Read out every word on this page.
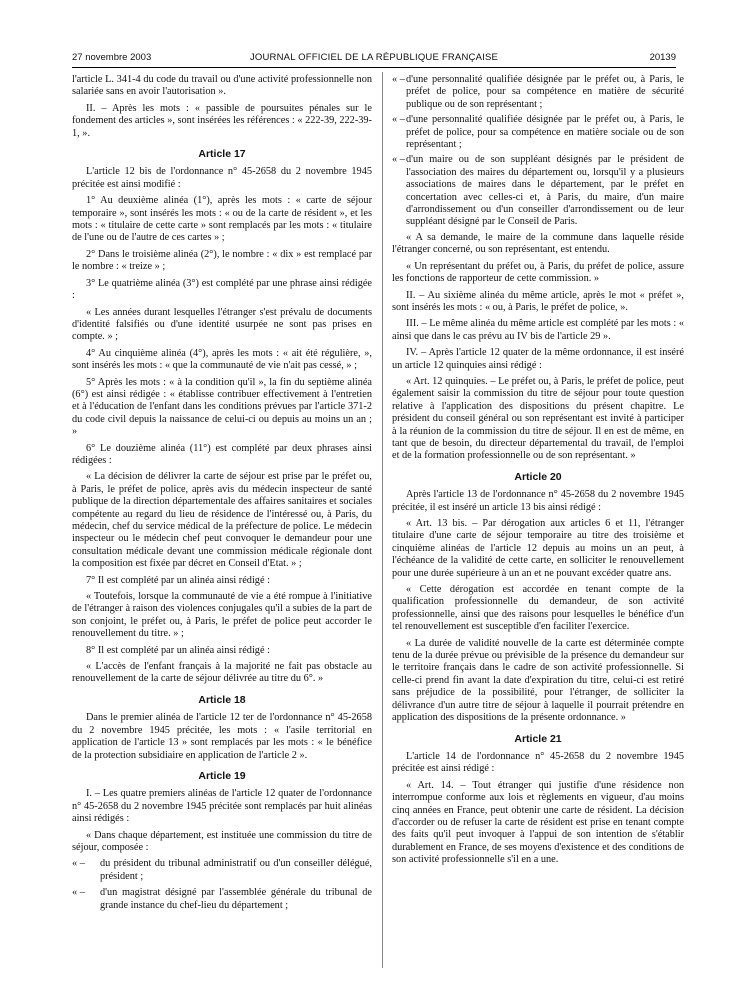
27 novembre 2003	JOURNAL OFFICIEL DE LA RÉPUBLIQUE FRANÇAISE	20139

l'article L. 341-4 du code du travail ou d'une activité professionnelle non salariée sans en avoir l'autorisation ».

II. – Après les mots : « passible de poursuites pénales sur le fondement des articles », sont insérées les références : « 222-39, 222-39-1, ».

Article 17

L'article 12 bis de l'ordonnance n° 45-2658 du 2 novembre 1945 précitée est ainsi modifié :

1° Au deuxième alinéa (1°), après les mots : « carte de séjour temporaire », sont insérés les mots : « ou de la carte de résident », et les mots : « titulaire de cette carte » sont remplacés par les mots : « titulaire de l'une ou de l'autre de ces cartes » ;

2° Dans le troisième alinéa (2°), le nombre : « dix » est remplacé par le nombre : « treize » ;

3° Le quatrième alinéa (3°) est complété par une phrase ainsi rédigée :

« Les années durant lesquelles l'étranger s'est prévalu de documents d'identité falsifiés ou d'une identité usurpée ne sont pas prises en compte. » ;

4° Au cinquième alinéa (4°), après les mots : « ait été régulière, », sont insérés les mots : « que la communauté de vie n'ait pas cessé, » ;

5° Après les mots : « à la condition qu'il », la fin du septième alinéa (6°) est ainsi rédigée : « établisse contribuer effectivement à l'entretien et à l'éducation de l'enfant dans les conditions prévues par l'article 371-2 du code civil depuis la naissance de celui-ci ou depuis au moins un an ; »

6° Le douzième alinéa (11°) est complété par deux phrases ainsi rédigées :

« La décision de délivrer la carte de séjour est prise par le préfet ou, à Paris, le préfet de police, après avis du médecin inspecteur de santé publique de la direction départementale des affaires sanitaires et sociales compétente au regard du lieu de résidence de l'intéressé ou, à Paris, du médecin, chef du service médical de la préfecture de police. Le médecin inspecteur ou le médecin chef peut convoquer le demandeur pour une consultation médicale devant une commission médicale régionale dont la composition est fixée par décret en Conseil d'Etat. » ;

7° Il est complété par un alinéa ainsi rédigé :

« Toutefois, lorsque la communauté de vie a été rompue à l'initiative de l'étranger à raison des violences conjugales qu'il a subies de la part de son conjoint, le préfet ou, à Paris, le préfet de police peut accorder le renouvellement du titre. » ;

8° Il est complété par un alinéa ainsi rédigé :

« L'accès de l'enfant français à la majorité ne fait pas obstacle au renouvellement de la carte de séjour délivrée au titre du 6°. »

Article 18

Dans le premier alinéa de l'article 12 ter de l'ordonnance n° 45-2658 du 2 novembre 1945 précitée, les mots : « l'asile territorial en application de l'article 13 » sont remplacés par les mots : « le bénéfice de la protection subsidiaire en application de l'article 2 ».

Article 19

I. – Les quatre premiers alinéas de l'article 12 quater de l'ordonnance n° 45-2658 du 2 novembre 1945 précitée sont remplacés par huit alinéas ainsi rédigés :

« Dans chaque département, est instituée une commission du titre de séjour, composée :

« – du président du tribunal administratif ou d'un conseiller délégué, président ;
« – d'un magistrat désigné par l'assemblée générale du tribunal de grande instance du chef-lieu du département ;
« – d'une personnalité qualifiée désignée par le préfet ou, à Paris, le préfet de police, pour sa compétence en matière de sécurité publique ou de son représentant ;
« – d'une personnalité qualifiée désignée par le préfet ou, à Paris, le préfet de police, pour sa compétence en matière sociale ou de son représentant ;
« – d'un maire ou de son suppléant désignés par le président de l'association des maires du département ou, lorsqu'il y a plusieurs associations de maires dans le département, par le préfet en concertation avec celles-ci et, à Paris, du maire, d'un maire d'arrondissement ou d'un conseiller d'arrondissement ou de leur suppléant désigné par le Conseil de Paris.

« A sa demande, le maire de la commune dans laquelle réside l'étranger concerné, ou son représentant, est entendu.

« Un représentant du préfet ou, à Paris, du préfet de police, assure les fonctions de rapporteur de cette commission. »

II. – Au sixième alinéa du même article, après le mot « préfet », sont insérés les mots : « ou, à Paris, le préfet de police, ».

III. – Le même alinéa du même article est complété par les mots : « ainsi que dans le cas prévu au IV bis de l'article 29 ».

IV. – Après l'article 12 quater de la même ordonnance, il est inséré un article 12 quinquies ainsi rédigé :

« Art. 12 quinquies. – Le préfet ou, à Paris, le préfet de police, peut également saisir la commission du titre de séjour pour toute question relative à l'application des dispositions du présent chapitre. Le président du conseil général ou son représentant est invité à participer à la réunion de la commission du titre de séjour. Il en est de même, en tant que de besoin, du directeur départemental du travail, de l'emploi et de la formation professionnelle ou de son représentant. »

Article 20

Après l'article 13 de l'ordonnance n° 45-2658 du 2 novembre 1945 précitée, il est inséré un article 13 bis ainsi rédigé :

« Art. 13 bis. – Par dérogation aux articles 6 et 11, l'étranger titulaire d'une carte de séjour temporaire au titre des troisième et cinquième alinéas de l'article 12 depuis au moins un an peut, à l'échéance de la validité de cette carte, en solliciter le renouvellement pour une durée supérieure à un an et ne pouvant excéder quatre ans.

« Cette dérogation est accordée en tenant compte de la qualification professionnelle du demandeur, de son activité professionnelle, ainsi que des raisons pour lesquelles le bénéfice d'un tel renouvellement est susceptible d'en faciliter l'exercice.

« La durée de validité nouvelle de la carte est déterminée compte tenu de la durée prévue ou prévisible de la présence du demandeur sur le territoire français dans le cadre de son activité professionnelle. Si celle-ci prend fin avant la date d'expiration du titre, celui-ci est retiré sans préjudice de la possibilité, pour l'étranger, de solliciter la délivrance d'un autre titre de séjour à laquelle il pourrait prétendre en application des dispositions de la présente ordonnance. »

Article 21

L'article 14 de l'ordonnance n° 45-2658 du 2 novembre 1945 précitée est ainsi rédigé :

« Art. 14. – Tout étranger qui justifie d'une résidence non interrompue conforme aux lois et règlements en vigueur, d'au moins cinq années en France, peut obtenir une carte de résident. La décision d'accorder ou de refuser la carte de résident est prise en tenant compte des faits qu'il peut invoquer à l'appui de son intention de s'établir durablement en France, de ses moyens d'existence et des conditions de son activité professionnelle s'il en a une.
